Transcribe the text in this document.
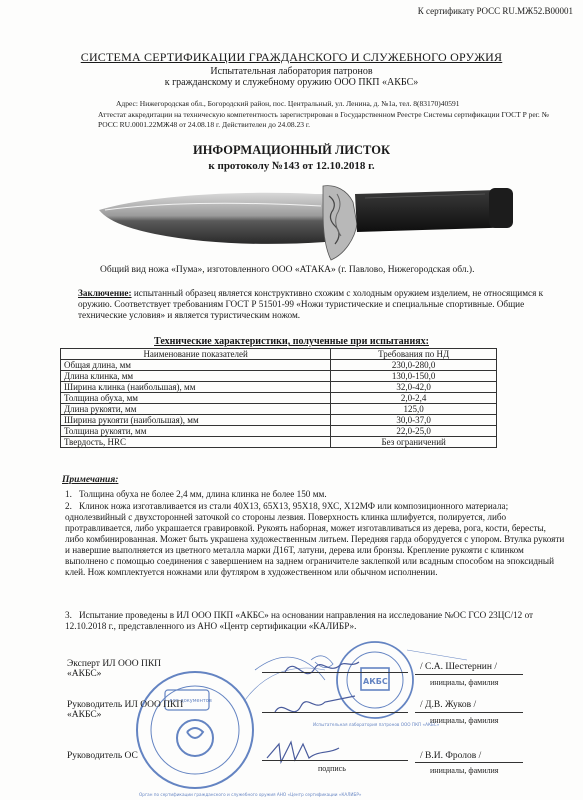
К сертификату РОСС RU.МЖ52.В00001
СИСТЕМА СЕРТИФИКАЦИИ ГРАЖДАНСКОГО И СЛУЖЕБНОГО ОРУЖИЯ
Испытательная лаборатория патронов
к гражданскому и служебному оружию ООО ПКП «АКБС»
Адрес: Нижегородская обл., Богородский район, пос. Центральный, ул. Ленина, д. №1а, тел. 8(83170)40591
Аттестат аккредитации на техническую компетентность зарегистрирован в Государственном Реестре Системы сертификации ГОСТ Р рег. № РОСС RU.0001.22МЖ48 от 24.08.18 г. Действителен до 24.08.23 г.
ИНФОРМАЦИОННЫЙ ЛИСТОК
к протоколу №143 от 12.10.2018 г.
Общий вид ножа «Пума», изготовленного ООО «АТАКА» (г. Павлово, Нижегородская обл.).
Заключение: испытанный образец является конструктивно схожим с холодным оружием изделием, не относящимся к оружию. Соответствует требованиям ГОСТ Р 51501-99 «Ножи туристические и специальные спортивные. Общие технические условия» и является туристическим ножом.
Технические характеристики, полученные при испытаниях:
Наименование показателей	Требования по НД
Общая длина, мм	230,0-280,0
Длина клинка, мм	130,0-150,0
Ширина клинка (наибольшая), мм	32,0-42,0
Толщина обуха, мм	2,0-2,4
Длина рукояти, мм	125,0
Ширина рукояти (наибольшая), мм	30,0-37,0
Толщина рукояти, мм	22,0-25,0
Твердость, HRC	Без ограничений
Примечания:
1. Толщина обуха не более 2,4 мм, длина клинка не более 150 мм.
2. Клинок ножа изготавливается из стали 40Х13, 65Х13, 95Х18, 9ХС, Х12МФ или композиционного материала; однолезвийный с двухсторонней заточкой со стороны лезвия. Поверхность клинка шлифуется, полируется, либо протравливается, либо украшается гравировкой. Рукоять наборная, может изготавливаться из дерева, рога, кости, бересты, либо комбинированная. Может быть украшена художественным литьем. Передняя гарда оборудуется с упором. Втулка рукояти и навершие выполняется из цветного металла марки Д16Т, латуни, дерева или бронзы. Крепление рукояти с клинком выполнено с помощью соединения с завершением на заднем ограничителе заклепкой или всадным способом на эпоксидный клей. Нож комплектуется ножнами или футляром в художественном или обычном исполнении.
3. Испытание проведены в ИЛ ООО ПКП «АКБС» на основании направления на исследование №ОС ГСО 23ЦС/12 от 12.10.2018 г., представленного из АНО «Центр сертификации «КАЛИБР».
АКБС
для документов
Орган по сертификации гражданского и служебного оружия АНО «Центр сертификации «КАЛИБР»
Испытательная лаборатория патронов ООО ПКП «АКБС»
Эксперт ИЛ ООО ПКП
«АКБС»
/ С.А. Шестернин /
инициалы, фамилия
Руководитель ИЛ ООО ПКП
«АКБС»
/ Д.В. Жуков /
инициалы, фамилия
Руководитель ОС
подпись
/ В.И. Фролов /
инициалы, фамилия
